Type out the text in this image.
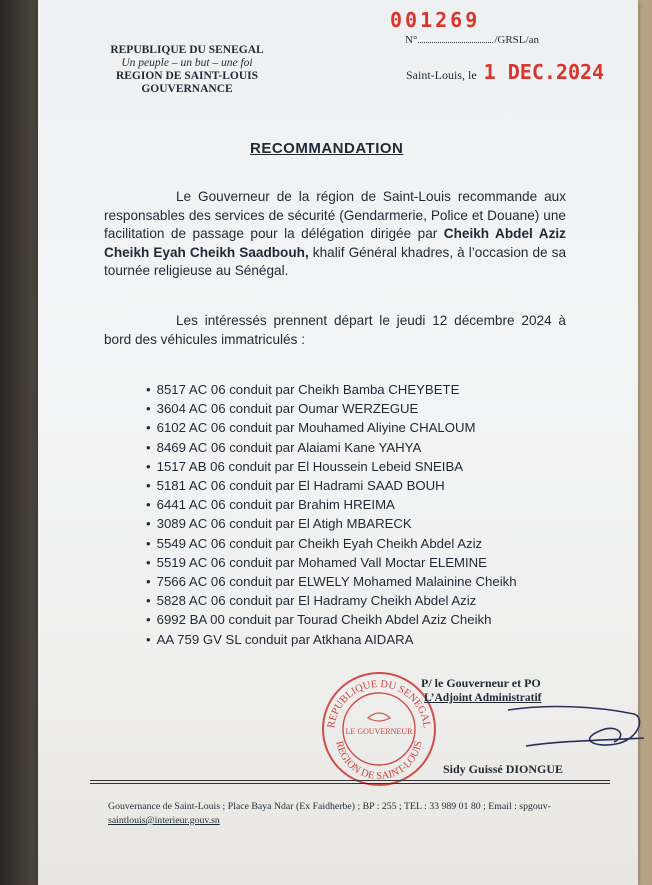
REPUBLIQUE DU SENEGAL
Un peuple – un but – une foi
REGION DE SAINT-LOUIS
GOUVERNANCE
001269
N°	/GRSL/an
Saint-Louis, le 1 DEC.2024
RECOMMANDATION
Le Gouverneur de la région de Saint-Louis recommande aux responsables des services de sécurité (Gendarmerie, Police et Douane) une facilitation de passage pour la délégation dirigée par Cheikh Abdel Aziz Cheikh Eyah Cheikh Saadbouh, khalif Général khadres, à l’occasion de sa tournée religieuse au Sénégal.
Les intéressés prennent départ le jeudi 12 décembre 2024 à bord des véhicules immatriculés :
• 8517 AC 06 conduit par Cheikh Bamba CHEYBETE
• 3604 AC 06 conduit par Oumar WERZEGUE
• 6102 AC 06 conduit par Mouhamed Aliyine CHALOUM
• 8469 AC 06 conduit par Alaiami Kane YAHYA
• 1517 AB 06 conduit par El Houssein Lebeid SNEIBA
• 5181 AC 06 conduit par El Hadrami SAAD BOUH
• 6441 AC 06 conduit par Brahim HREIMA
• 3089 AC 06 conduit par El Atigh MBARECK
• 5549 AC 06 conduit par Cheikh Eyah Cheikh Abdel Aziz
• 5519 AC 06 conduit par Mohamed Vall Moctar ELEMINE
• 7566 AC 06 conduit par ELWELY Mohamed Malainine Cheikh
• 5828 AC 06 conduit par El Hadramy Cheikh Abdel Aziz
• 6992 BA 00 conduit par Tourad Cheikh Abdel Aziz Cheikh
• AA 759 GV SL conduit par Atkhana AIDARA
REPUBLIQUE DU SENEGAL
REGION DE SAINT-LOUIS
LE GOUVERNEUR
P/ le Gouverneur et PO
L’Adjoint Administratif
Sidy Guissé DIONGUE
Gouvernance de Saint-Louis ; Place Baya Ndar (Ex Faidherbe) ; BP : 255 ; TEL : 33 989 01 80 ; Email : spgouv-
saintlouis@interieur.gouv.sn
